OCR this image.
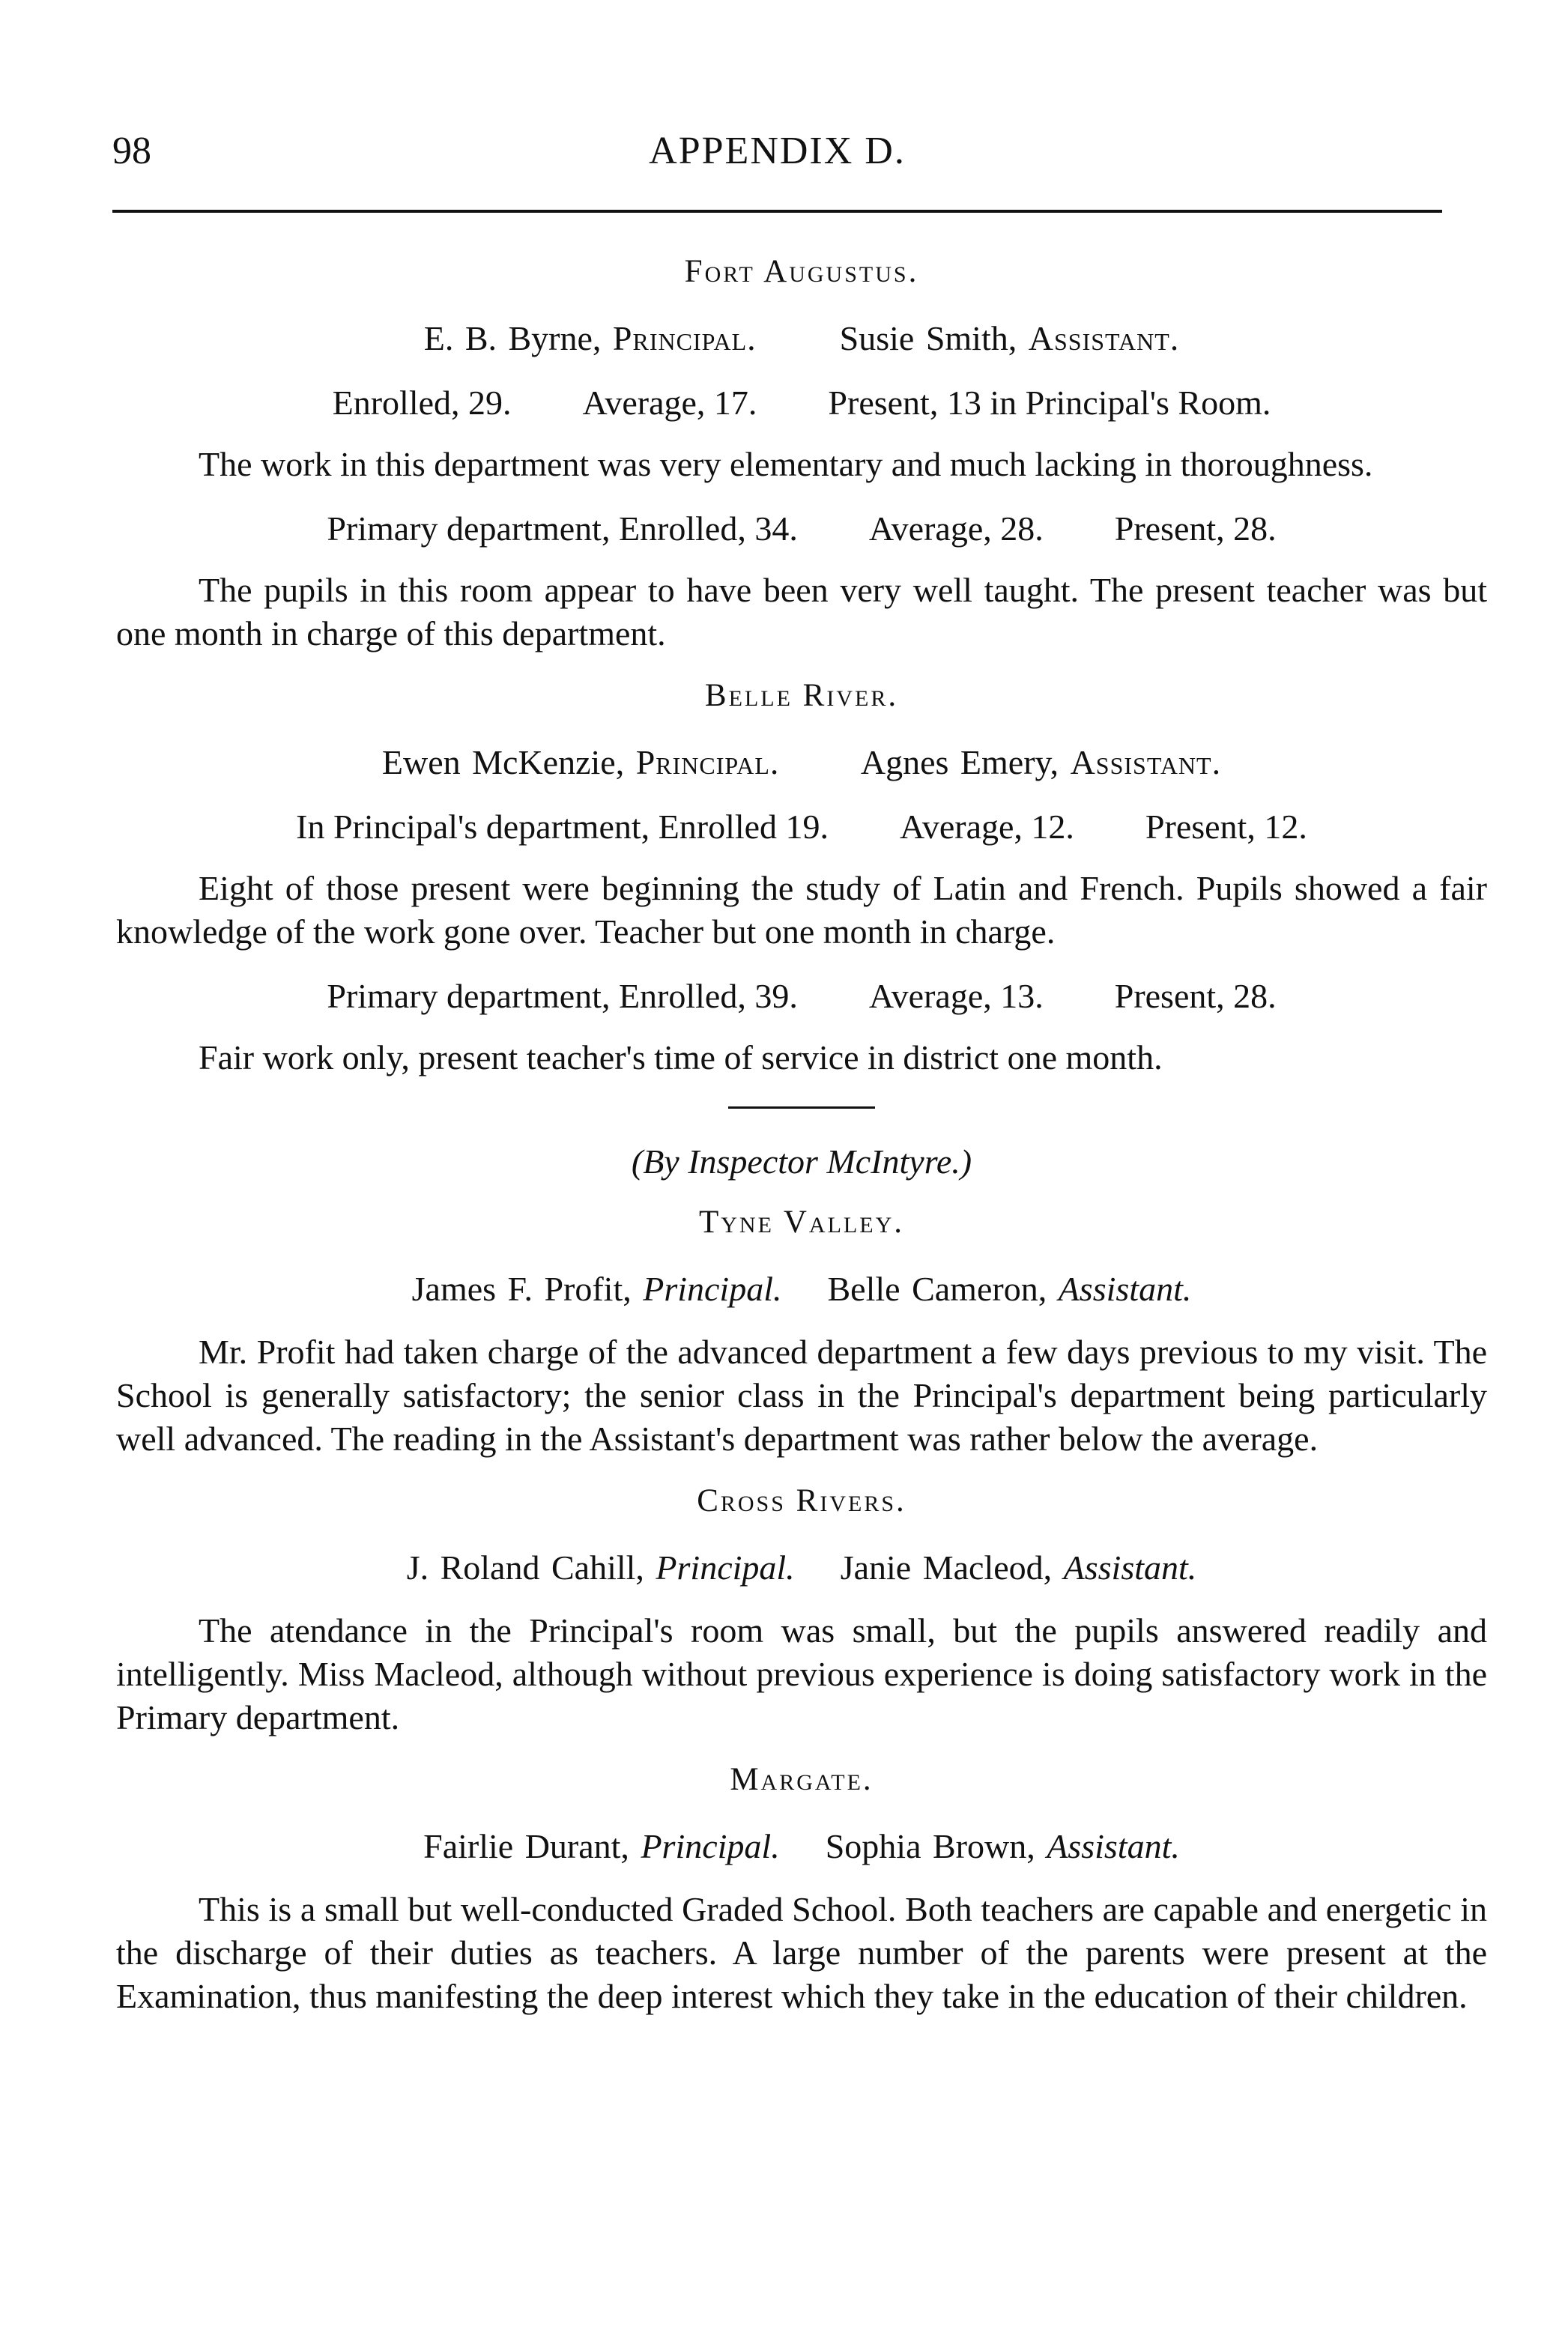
98	APPENDIX D.
Fort Augustus.
E. B. Byrne, Principal. Susie Smith, Assistant.
Enrolled, 29. Average, 17. Present, 13 in Principal's Room.

The work in this department was very elementary and much lacking in thoroughness.

Primary department, Enrolled, 34. Average, 28. Present, 28.

The pupils in this room appear to have been very well taught. The present teacher was but one month in charge of this department.

Belle River.
Ewen McKenzie, Principal. Agnes Emery, Assistant.
In Principal's department, Enrolled 19. Average, 12. Present, 12.

Eight of those present were beginning the study of Latin and French. Pupils showed a fair knowledge of the work gone over. Teacher but one month in charge.

Primary department, Enrolled, 39. Average, 13. Present, 28.

Fair work only, present teacher's time of service in district one month.

(By Inspector McIntyre.)
Tyne Valley.
James F. Profit, Principal. Belle Cameron, Assistant.

Mr. Profit had taken charge of the advanced department a few days previous to my visit. The School is generally satisfactory; the senior class in the Principal's department being particularly well advanced. The reading in the Assistant's department was rather below the average.

Cross Rivers.
J. Roland Cahill, Principal. Janie Macleod, Assistant.

The atendance in the Principal's room was small, but the pupils answered readily and intelligently. Miss Macleod, although without previous experience is doing satisfactory work in the Primary department.

Margate.
Fairlie Durant, Principal. Sophia Brown, Assistant.

This is a small but well-conducted Graded School. Both teachers are capable and energetic in the discharge of their duties as teachers. A large number of the parents were present at the Examination, thus manifesting the deep interest which they take in the education of their children.
